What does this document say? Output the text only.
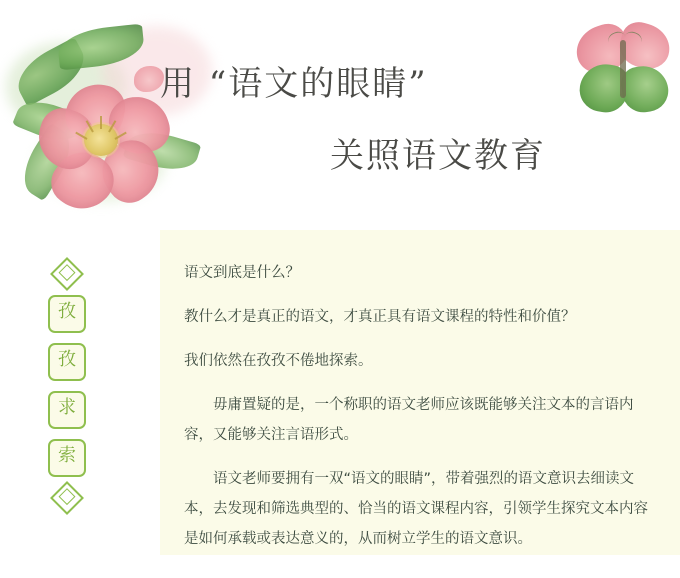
用 “语文的眼睛”
关照语文教育
孜
孜
求
索

语文到底是什么？

教什么才是真正的语文，才真正具有语文课程的特性和价值？

我们依然在孜孜不倦地探索。

毋庸置疑的是，一个称职的语文老师应该既能够关注文本的言语内容，又能够关注言语形式。

语文老师要拥有一双“语文的眼睛”，带着强烈的语文意识去细读文本，去发现和筛选典型的、恰当的语文课程内容，引领学生探究文本内容是如何承载或表达意义的，从而树立学生的语文意识。
